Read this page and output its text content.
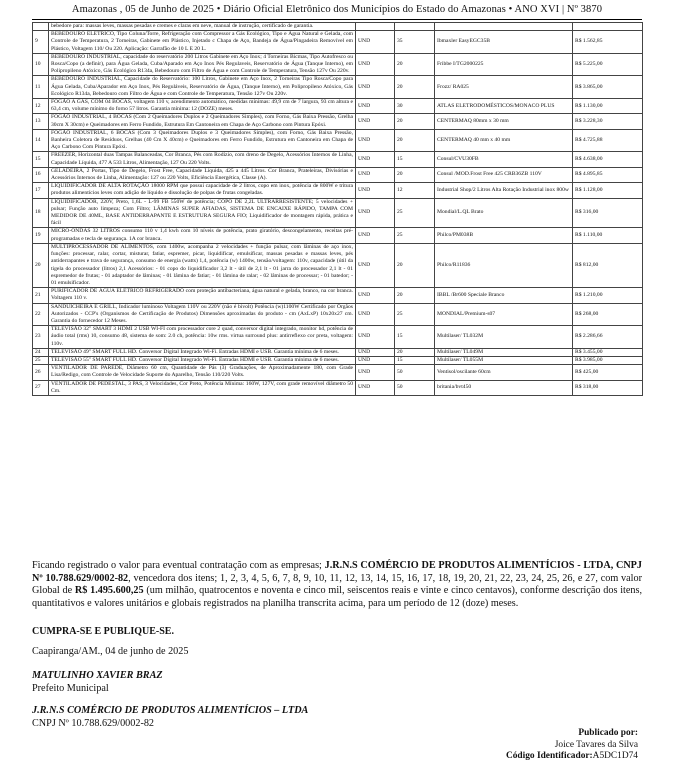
Amazonas , 05 de Junho de 2025 • Diário Oficial Eletrônico dos Municípios do Estado do Amazonas • ANO XVI | Nº 3870
	bebedore para: massas leves, massas pesadas e cremes e claras em neve, manual de instrução, certificado de garantia.				
9	BEBEDOURO ELETRICO, Tipo Coluna/Torre, Refrigeração com Compressor a Gás Ecológico, Tipo e Água Natural e Gelada, com Controle de Temperatura, 2 Torneiras, Gabinete em Plástico, Injetado c Chapa de Aço, Bandeja de Água/Pingadeira Removível em Plástico, Voltagem 110/ Ou 220. Aplicação: Garrafão de 10 L E 20 L.	UND	35	Ibmaxler EasyEGC35B	R$ 1.562,85
10	BEBEDOURO INDUSTRIAL, capacidade do reservatório 200 Litros Gabinete em Aço Inox; 4 Torneiras Bicmas, Tipo Autofresco ou Rosca/Copo (a definir), para Água Gelada, Cuba/Aparado em Aço Inox Pés Regulaveis, Reservatório de Água (Tanque Interno), em Polipropileno Atóxico, Gás Ecológico R134a, Bebedouro com Filtro de Água e com Controle de Temperatura, Tensão 127v Ou 220v.	UND	20	Fribbe I/TG2000225	R$ 5.225,00
11	BEBEDOURO INDUSTRIAL, Capacidade do Reservatório: 100 Litros, Gabinete em Aço Inox, 2 Torneiras Tipo Rosca/Copo para Água Gelada, Cuba/Aparador em Aço Inox, Pés Reguláveis, Reservatório de Água, (Tanque Interno), em Polipropileno Atóxico, Gás Ecológico R134a, Bebedouro com Filtro de Água e com Controle de Temperatura, Tensão 127v Ou 220v.	UND	20	Frozz/ RA025	R$ 3.865,00
12	FOGÃO A GÁS, COM 04 BOCAS, voltagem 110 v, acendimento automático, medidas mínimas: 49,9 cm de 7 largura, 93 cm altura e 63,4 cm, volume mínimo do forno 57 litros. Garantia mínima: 12 (DOZE) meses.	UND	30	ATLAS ELETRODOMÉSTICOS/MONACO PLUS	R$ 1.130,00
13	FOGÃO INDUSTRIAL, 4 BOCAS (Com 2 Queimadores Duplos e 2 Queimadores Simples), com Forno, Gás Baixa Pressão, Grelha 30cm X 30cm) e Queimadores em Ferro Fundido, Estrutura Em Cantoneira em Chapa de Aço Carbono com Pintura Epóxi.	UND	20	CENTERMAQ 80mm x 30 mm	R$ 3.228,30
14	FOGÃO INDUSTRIAL, 6 BOCAS (Com 3 Queimadores Duplos e 3 Queimadores Simples), com Forno, Gás Baixa Pressão, Banheira Coletora de Resíduos, Grelhas (40 Cm X 40cm) e Queimadores em Ferro Fundido, Estrutura em Cantoneira em Chapa de Aço Carbono Com Pintura Epóxi.	UND	20	CENTERMAQ 40 mm x 40 mm	R$ 4.725,88
15	FREEZER, Horizontal duas Tampas Balanceadas, Cor Branca, Pés com Rodízio, com dreno de Degelo, Acessórios Internos de Linha, Capacidade Líquida, 477 A 533 Litros, Alimentação, 127 Ou 220 Volts.	UND	15	Consul/CVU30FB	R$ 4.638,00
16	GELADEIRA, 2 Portas, Tipo de Degelo, Frost Free, Capacidade Líquida, 425 a 445 Litros. Cor Branca, Prateleiras, Divisórias e Acessórios Internos de Linha, Alimentação: 127 ou 220 Volts, Eficiência Energética, Classe (A).	UND	20	Consul /MOD.Frost Free 425 CRB36ZB 110V	R$ 4.895,85
17	LIQUIDIFICADOR DE ALTA ROTAÇÃO 18000 RPM que possui capacidade de 2 litros, copo em inox, potência de 800W e tritura produtos alimentícios leves com adição de líquido e dissolução de polpas de frutas congeladas.	UND	12	Industrial Shop/2 Litros Alta Rotação Industrial inox 800w	R$ 1.128,00
18	LIQUIDIFICADOR, 220V, Preto, 1,6L - L-99 FB 550W de potência; COPO DE 2,2L ULTRARRESISTENTE; 5 velocidades + pulsar; Função auto limpeza; Com Filtro; LÂMINAS SUPER AFIADAS, SISTEMA DE ENCAIXE RÁPIDO, TAMPA COM MEDIDOR DE 40ML, BASE ANTIDERRAPANTE E ESTRUTURA SEGURA FIO; Liquidificador de montagem rápida, prática e fácil	UND	25	Mondial/L.QL Brato	R$ 316,00
19	MICRO-ONDAS 32 LITROS consumo 110 v 1,4 kwh com 10 níveis de potência, prato giratório, descongelamento, receitas pré-programadas e tecla de segurança. 1A cor branca.	UND	25	Philco/PM038B	R$ 1.110,00
20	MULTIPROCESSADOR DE ALIMENTOS, com 1400w, acompanha 2 velocidades + função pulsar, com lâminas de aço inox, funções: processar, ralar, cortar, misturar, fatiar, espremer, picar, liquidificar, emulsificar, massas pesadas e massas leves, pés antiderrapantes e trava de segurança, consumo de energia (watts) 1,4, potência (w) 1400w, tensão/voltagem: 110v, capacidade (útil da tigela do processador (litros) 2,1 Acessórios: - 01 copo do liquidificador 3,2 lt - útil de 2,1 lt - 01 jarra do processador 2,1 lt - 01 espremedor de frutas; - 01 adaptador de lâminas; - 01 lâmina de fatiar; - 01 lâmina de ralar; - 02 lâminas de processar; - 01 batedor; - 01 emulsificador.	UND	20	Philco/R11836	R$ 812,00
21	PURIFICADOR DE ÁGUA ELETRICO REFRIGERADO com proteção antibacteriana, água natural e gelada, branco, na cor branca. Voltagem 110 v.	UND	20	IBBL /Br600 Speciale Branco	R$ 1.210,00
22	SANDUICHEIRA E GRILL, Indicador luminoso Voltagem 110V ou 220V (não é bivolt) Potência (w)1100W Certificado por Órgãos Autorizados - CCP's (Organismos de Certificação de Produtos) Dimensões aproximadas do produto - cm (AxLxP) 10x20x27 cm. Garantia do fornecedor 12 Meses.	UND	25	MONDIAL/Premium-s07	R$ 268,00
23	TELEVISÃO 32" SMART 3 HDMI 2 USB WI-FI com processador core 2 quad, conversor digital integrado, monitor hd, potência de áudio total (rms) 10, consumo 48, sistema de som: 2.0 ch, potência: 10w rms. virtua surround plus: antirreflexo cor preta, voltagem: 110v.	UND	15	Multilaser/ TL032M	R$ 2.286,66
24	TELEVISÃO 49" SMART FULL HD. Conversor Digital Integrado Wi-Fi. Entradas HDMI e USB. Garantia mínima de 6 meses.	UND	20	Multilaser/ TL049M	R$ 3.455,00
25	TELEVISÃO 55" SMART FULL HD. Conversor Digital Integrado Wi-Fi. Entradas HDMI e USB. Garantia mínima de 6 meses.	UND	15	Multilaser/ TL055M	R$ 3.985,00
26	VENTILADOR DE PAREDE, Diâmetro 60 cm, Quantidade de Pás (3) Graduações, de Aproximadamente 180, com Grade Lisa/Redigo, com Controle de Velocidade Suporte do Aparelho, Tensão 110/220 Volts.	UND	50	Ventisol/oscilante 60cm	R$ 425,00
27	VENTILADOR DE PEDESTAL, 3 PAS, 3 Velocidades, Cor Preto, Potência Mínima: 160W, 127V, com grade removível diâmetro 50 Cm.	UND	50	britania/bvt450	R$ 318,00
Ficando registrado o valor para eventual contratação com as empresas; J.R.N.S COMÉRCIO DE PRODUTOS ALIMENTÍCIOS - LTDA, CNPJ Nº 10.788.629/0002-82, vencedora dos itens; 1, 2, 3, 4, 5, 6, 7, 8, 9, 10, 11, 12, 13, 14, 15, 16, 17, 18, 19, 20, 21, 22, 23, 24, 25, 26, e 27, com valor Global de R$ 1.495.600,25 (um milhão, quatrocentos e noventa e cinco mil, seiscentos reais e vinte e cinco centavos), conforme descrição dos itens, quantitativos e valores unitários e globais registrados na planilha transcrita acima, para um período de 12 (doze) meses.
CUMPRA-SE E PUBLIQUE-SE.
Caapiranga/AM., 04 de junho de 2025
MATULINHO XAVIER BRAZ
Prefeito Municipal
J.R.N.S COMÉRCIO DE PRODUTOS ALIMENTÍCIOS – LTDA
CNPJ Nº 10.788.629/0002-82
Publicado por:
Joice Tavares da Silva
Código Identificador:A5DC1D74
